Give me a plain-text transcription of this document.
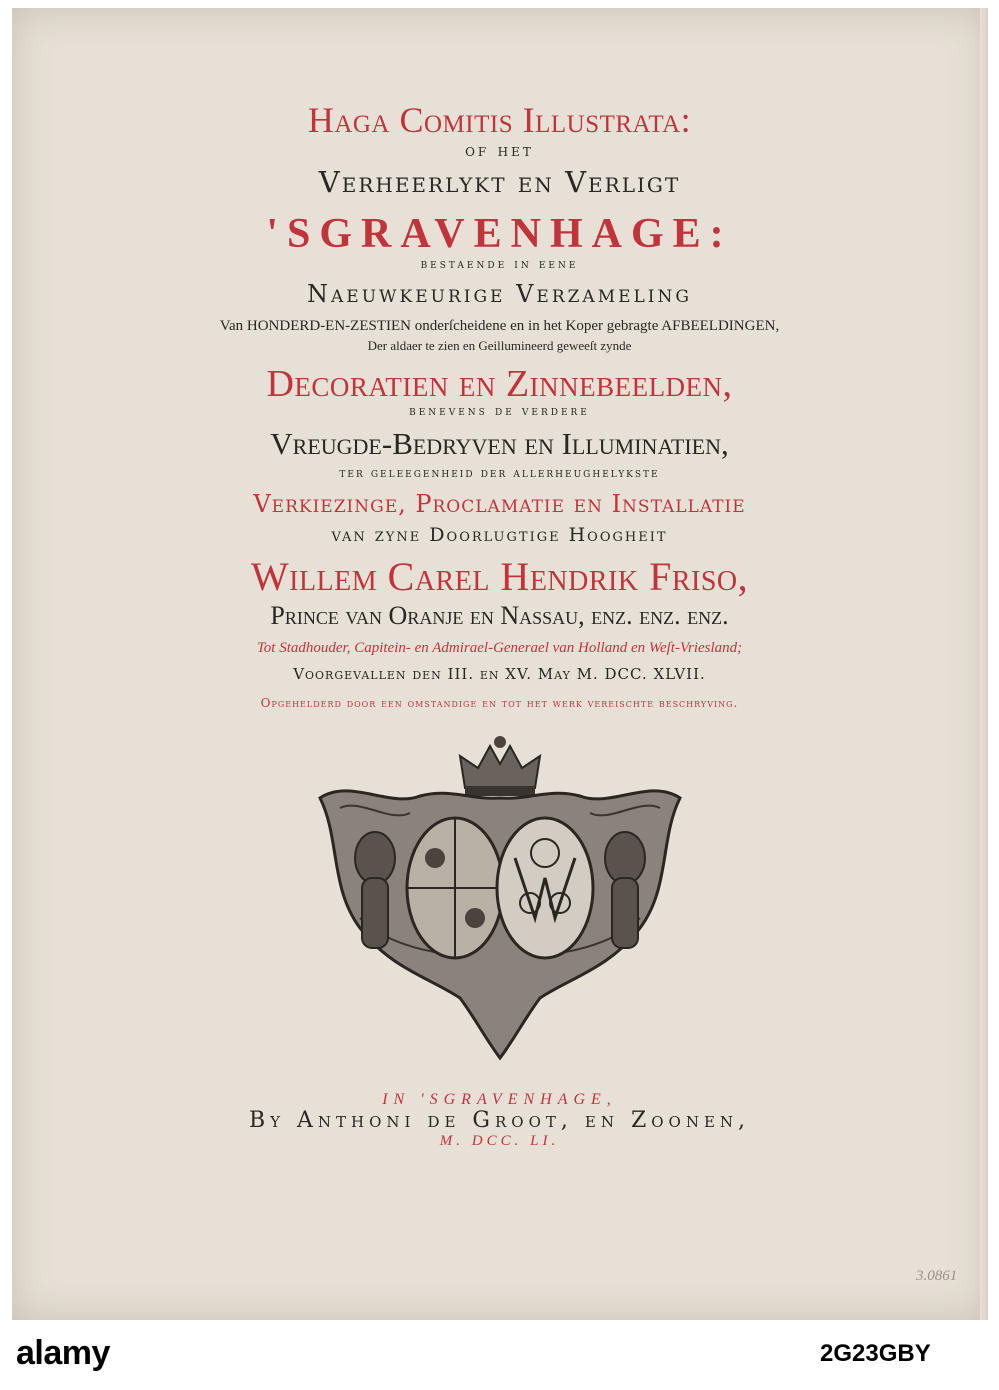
Haga Comitis Illustrata:

of het

Verheerlykt en Verligt

'SGRAVENHAGE:

bestaende in eene

Naeuwkeurige Verzameling

Van HONDERD-EN-ZESTIEN onderſcheidene en in het Koper gebragte AFBEELDINGEN,

Der aldaer te zien en Geillumineerd geweeſt zynde

Decoratien en Zinnebeelden,

benevens de verdere

Vreugde-Bedryven en Illuminatien,

ter geleegenheid der allerheughelykste

Verkiezinge, Proclamatie en Installatie

van zyne Doorlugtige Hoogheit

Willem Carel Hendrik Friso,

Prince van Oranje en Nassau, enz. enz. enz.

Tot Stadhouder, Capitein- en Admirael-Generael van Holland en Weſt-Vriesland;

Voorgevallen den III. en XV. May M. DCC. XLVII.

Opgehelderd door een omstandige en tot het werk vereischte beschryving.

IN 'SGRAVENHAGE,

By Anthoni de Groot, en Zoonen,

M. DCC. LI.

3.0861
alamy	2G23GBY
